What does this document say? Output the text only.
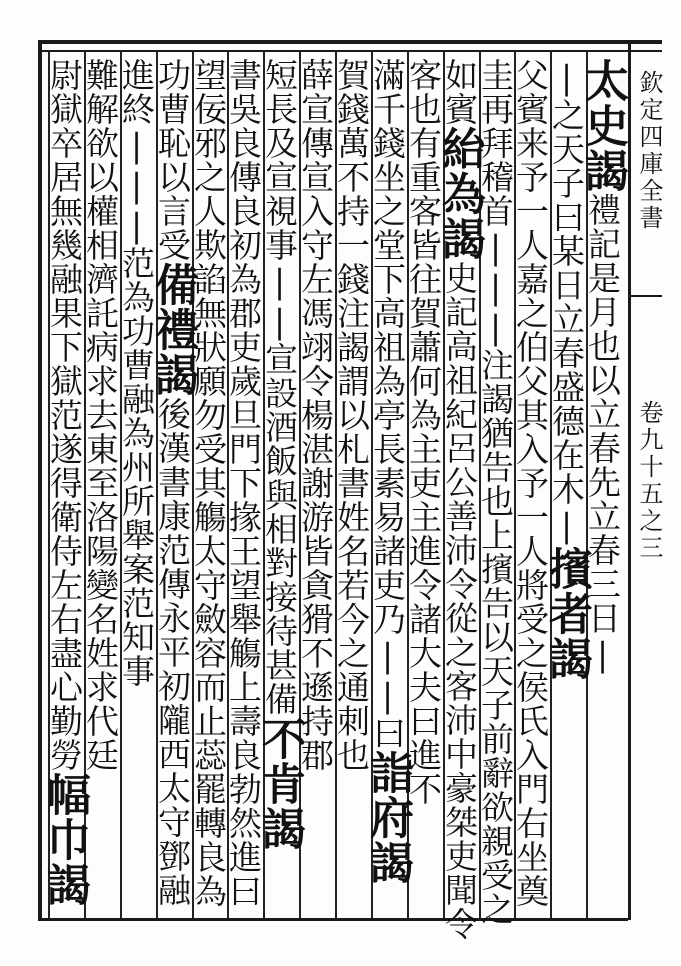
欽定四庫全書
卷九十五之三
太史謁禮記是月也以立春先立春三日|
|之天子曰某日立春盛德在木|擯者謁
父賓来予一人嘉之伯父其入予一人將受之侯氏入門右坐奠
圭再拜稽首|||注謁猶告也上擯告以天子前辭欲親受之
如賓紿為謁史記高祖紀呂公善沛令從之客沛中豪桀吏聞令
客也有重客皆往賀蕭何為主吏主進令諸大夫曰進不
滿千錢坐之堂下高祖為亭長素易諸吏乃||曰詣府謁
賀錢萬不持一錢注謁謂以札書姓名若今之通刺也
薛宣傳宣入守左馮翊令楊湛謝游皆貪猾不遜持郡
短長及宣視事||宣設酒飯與相對接待甚備不肯謁
書吳良傳良初為郡吏歲旦門下掾王望舉觴上壽良勃然進曰
望佞邪之人欺諂無狀願勿受其觴太守斂容而止蕊罷轉良為
功曹恥以言受備禮謁後漢書康范傳永平初隴西太守鄧融
進終|||范為功曹融為州所舉案范知事
難解欲以權相濟託病求去東至洛陽變名姓求代廷
尉獄卒居無幾融果下獄范遂得衛侍左右盡心勤勞幅巾謁
